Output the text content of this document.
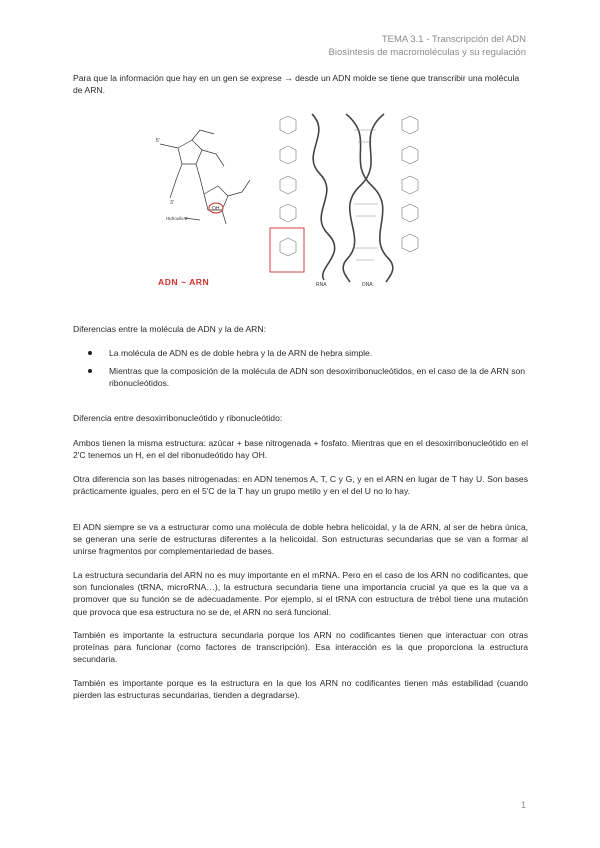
TEMA 3.1 - Transcripción del ADN
Biosíntesis de macromoléculas y su regulación
Para que la información que hay en un gen se exprese → desde un ADN molde se tiene que transcribir una molécula de ARN.
5'
3'
OH
Hidroxilo 2'
RNA	DNA
ADN ~ ARN
Diferencias entre la molécula de ADN y la de ARN:
La molécula de ADN es de doble hebra y la de ARN de hebra simple.
Mientras que la composición de la molécula de ADN son desoxirribonucleótidos, en el caso de la de ARN son ribonucleótidos.
Diferencia entre desoxirribonucleótido y ribonucleótido:
Ambos tienen la misma estructura: azúcar + base nitrogenada + fosfato. Mientras que en el desoxirribonucleótido en el 2'C tenemos un H, en el del ribonudeótido hay OH.
Otra diferencia son las bases nitrogenadas: en ADN tenemos A, T, C y G, y en el ARN en lugar de T hay U. Son bases prácticamente iguales, pero en el 5'C de la T hay un grupo metilo y en el del U no lo hay.
El ADN siempre se va a estructurar como una molécula de doble hebra helicoidal, y la de ARN, al ser de hebra única, se generan una serie de estructuras diferentes a la helicoidal. Son estructuras secundarias que se van a formar al unirse fragmentos por complementariedad de bases.
La estructura secundaria del ARN no es muy importante en el mRNA. Pero en el caso de los ARN no codificantes, que son funcionales (tRNA, microRNA…), la estructura secundaria tiene una importancia crucial ya que es la que va a promover que su función se de adecuadamente. Por ejemplo, si el tRNA con estructura de trébol tiene una mutación que provoca que esa estructura no se de, el ARN no será funcional.
También es importante la estructura secundaria porque los ARN no codificantes tienen que interactuar con otras proteínas para funcionar (como factores de transcripción). Esa interacción es la que proporciona la estructura secundaria.
También es importante porque es la estructura en la que los ARN no codificantes tienen más estabilidad (cuando pierden las estructuras secundarias, tienden a degradarse).
1
